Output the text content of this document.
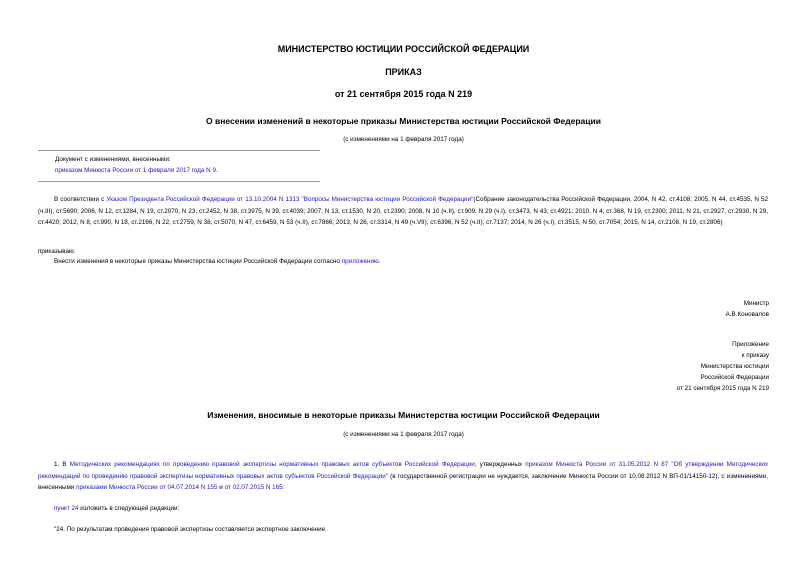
МИНИСТЕРСТВО ЮСТИЦИИ РОССИЙСКОЙ ФЕДЕРАЦИИ
ПРИКАЗ
от 21 сентября 2015 года N 219
О внесении изменений в некоторые приказы Министерства юстиции Российской Федерации
(с изменениями на 1 февраля 2017 года)
Документ с изменениями, внесенными:
приказом Минюста России от 1 февраля 2017 года N 9.
В соответствии с Указом Президента Российской Федерации от 13.10.2004 N 1313 "Вопросы Министерства юстиции Российской Федерации"(Собрание законодательства Российской Федерации, 2004, N 42, ст.4108; 2005, N 44, ст.4535, N 52 (ч.III), ст.5690; 2006, N 12, ст.1284, N 19, ст.2070, N 23, ст.2452, N 38, ст.3975, N 39, ст.4039; 2007, N 13, ст.1530, N 20, ст.2390; 2008, N 10 (ч.II), ст.909, N 29 (ч.I), ст.3473, N 43, ст.4921; 2010, N 4, ст.368, N 19, ст.2300; 2011, N 21, ст.2927, ст.2930, N 29, ст.4420; 2012, N 8, ст.990, N 18, ст.2166, N 22, ст.2759, N 38, ст.5070, N 47, ст.6459, N 53 (ч.II), ст.7866; 2013, N 26, ст.3314, N 49 (ч.VII), ст.6396, N 52 (ч.II), ст.7137; 2014, N 26 (ч.I), ст.3515, N 50, ст.7054; 2015, N 14, ст.2108, N 19, ст.2806)
приказываю:
Внести изменения в некоторые приказы Министерства юстиции Российской Федерации согласно приложению.
Министр
А.В.Коновалов
Приложение
к приказу
Министерства юстиции
Российской Федерации
от 21 сентября 2015 года N 219
Изменения, вносимые в некоторые приказы Министерства юстиции Российской Федерации
(с изменениями на 1 февраля 2017 года)
1. В Методических рекомендациях по проведению правовой экспертизы нормативных правовых актов субъектов Российской Федерации, утвержденных приказом Минюста России от 31.05.2012 N 87 "Об утверждении Методических рекомендаций по проведению правовой экспертизы нормативных правовых актов субъектов Российской Федерации" (в государственной регистрации не нуждается, заключение Минюста России от 10.08.2012 N ВП-01/14150-12), с изменениями, внесенными приказами Минюста России от 04.07.2014 N 155 и от 02.07.2015 N 165:
пункт 24 изложить в следующей редакции:
"24. По результатам проведения правовой экспертизы составляется экспертное заключение.
